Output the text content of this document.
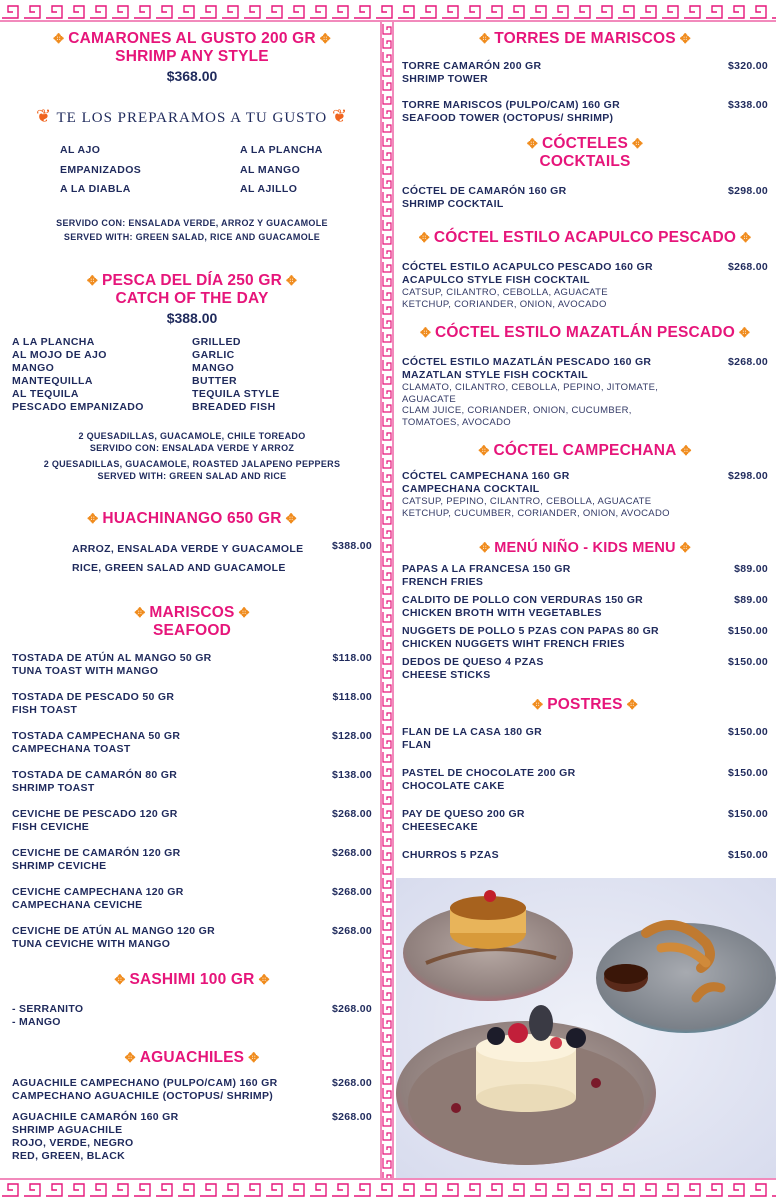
✥ CAMARONES AL GUSTO 200 GR ✥
SHRIMP ANY STYLE
$368.00
❦ TE LOS PREPARAMOS A TU GUSTO ❦
AL AJO	A LA PLANCHA
EMPANIZADOS	AL MANGO
A LA DIABLA	AL AJILLO
SERVIDO CON: ENSALADA VERDE, ARROZ Y GUACAMOLE
SERVED WITH: GREEN SALAD, RICE AND GUACAMOLE
✥ PESCA DEL DÍA 250 GR ✥
CATCH OF THE DAY
$388.00
A LA PLANCHA	GRILLED
AL MOJO DE AJO	GARLIC
MANGO	MANGO
MANTEQUILLA	BUTTER
AL TEQUILA	TEQUILA STYLE
PESCADO EMPANIZADO	BREADED FISH
2 QUESADILLAS, GUACAMOLE, CHILE TOREADO
SERVIDO CON: ENSALADA VERDE Y ARROZ
2 QUESADILLAS, GUACAMOLE, ROASTED JALAPENO PEPPERS
SERVED WITH: GREEN SALAD AND RICE
✥ HUACHINANGO 650 GR ✥
ARROZ, ENSALADA VERDE Y GUACAMOLE
RICE, GREEN SALAD AND GUACAMOLE
$388.00
✥ MARISCOS ✥
SEAFOOD
TOSTADA DE ATÚN AL MANGO 50 GR
TUNA TOAST WITH MANGO
$118.00
TOSTADA DE PESCADO 50 GR
FISH TOAST
$118.00
TOSTADA CAMPECHANA 50 GR
CAMPECHANA TOAST
$128.00
TOSTADA DE CAMARÓN 80 GR
SHRIMP TOAST
$138.00
CEVICHE DE PESCADO 120 GR
FISH CEVICHE
$268.00
CEVICHE DE CAMARÓN 120 GR
SHRIMP CEVICHE
$268.00
CEVICHE CAMPECHANA 120 GR
CAMPECHANA CEVICHE
$268.00
CEVICHE DE ATÚN AL MANGO 120 GR
TUNA CEVICHE WITH MANGO
$268.00
✥ SASHIMI 100 GR ✥
- SERRANITO
- MANGO
$268.00
✥ AGUACHILES ✥
AGUACHILE CAMPECHANO (PULPO/CAM) 160 GR
CAMPECHANO AGUACHILE (OCTOPUS/ SHRIMP)
$268.00
AGUACHILE CAMARÓN 160 GR
SHRIMP AGUACHILE
ROJO, VERDE, NEGRO
RED, GREEN, BLACK
$268.00
✥ TORRES DE MARISCOS ✥
TORRE CAMARÓN 200 GR
SHRIMP TOWER
$320.00
TORRE MARISCOS (PULPO/CAM) 160 GR
SEAFOOD TOWER (OCTOPUS/ SHRIMP)
$338.00
✥ CÓCTELES ✥
COCKTAILS
CÓCTEL DE CAMARÓN 160 GR
SHRIMP COCKTAIL
$298.00
✥ CÓCTEL ESTILO ACAPULCO PESCADO ✥
CÓCTEL ESTILO ACAPULCO PESCADO 160 GR
ACAPULCO STYLE FISH COCKTAIL
CATSUP, CILANTRO, CEBOLLA, AGUACATE
KETCHUP, CORIANDER, ONION, AVOCADO
$268.00
✥ CÓCTEL ESTILO MAZATLÁN PESCADO ✥
CÓCTEL ESTILO MAZATLÁN PESCADO 160 GR
MAZATLAN STYLE FISH COCKTAIL
CLAMATO, CILANTRO, CEBOLLA, PEPINO, JITOMATE,
AGUACATE
CLAM JUICE, CORIANDER, ONION, CUCUMBER,
TOMATOES, AVOCADO
$268.00
✥ CÓCTEL CAMPECHANA ✥
CÓCTEL CAMPECHANA 160 GR
CAMPECHANA COCKTAIL
CATSUP, PEPINO, CILANTRO, CEBOLLA, AGUACATE
KETCHUP, CUCUMBER, CORIANDER, ONION, AVOCADO
$298.00
✥ MENÚ NIÑO - KIDS MENU ✥
PAPAS A LA FRANCESA 150 GR
FRENCH FRIES
$89.00
CALDITO DE POLLO CON VERDURAS 150 GR
CHICKEN BROTH WITH VEGETABLES
$89.00
NUGGETS DE POLLO 5 PZAS CON PAPAS 80 GR
CHICKEN NUGGETS WIHT FRENCH FRIES
$150.00
DEDOS DE QUESO 4 PZAS
CHEESE STICKS
$150.00
✥ POSTRES ✥
FLAN DE LA CASA 180 GR
FLAN
$150.00
PASTEL DE CHOCOLATE 200 GR
CHOCOLATE CAKE
$150.00
PAY DE QUESO 200 GR
CHEESECAKE
$150.00
CHURROS 5 PZAS	$150.00
